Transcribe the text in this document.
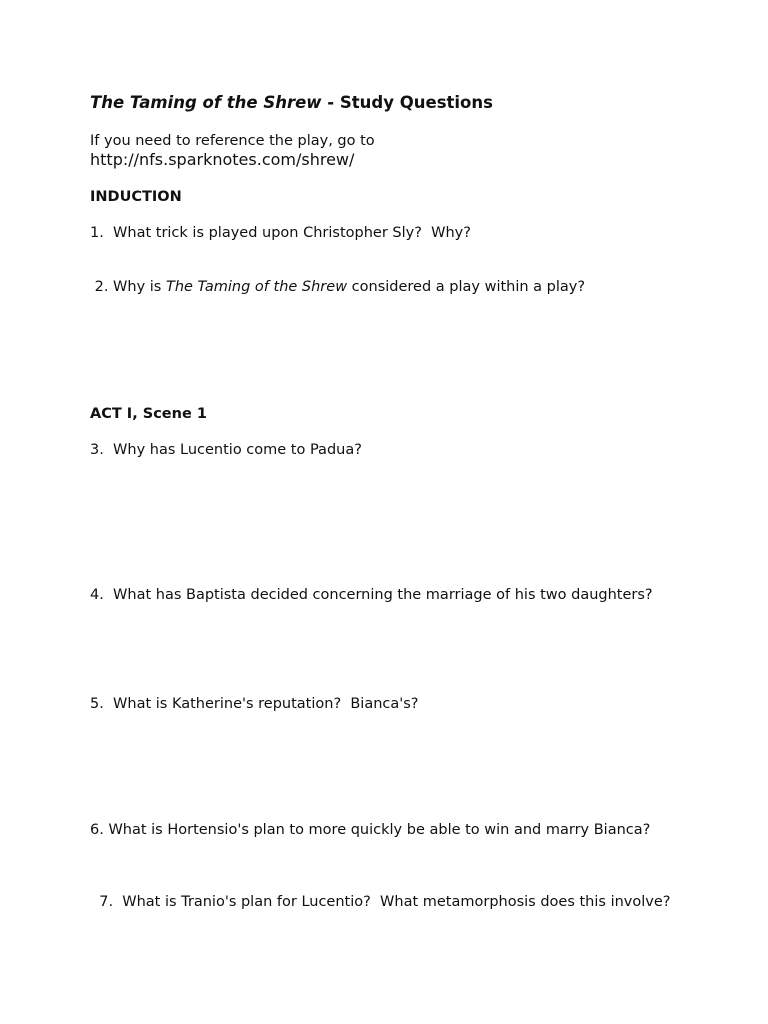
The Taming of the Shrew - Study Questions
If you need to reference the play, go to
http://nfs.sparknotes.com/shrew/
INDUCTION
1.  What trick is played upon Christopher Sly?  Why?
2. Why is The Taming of the Shrew considered a play within a play?
ACT I, Scene 1
3.  Why has Lucentio come to Padua?
4.  What has Baptista decided concerning the marriage of his two daughters?
5.  What is Katherine's reputation?  Bianca's?
6. What is Hortensio's plan to more quickly be able to win and marry Bianca?
7.  What is Tranio's plan for Lucentio?  What metamorphosis does this involve?
